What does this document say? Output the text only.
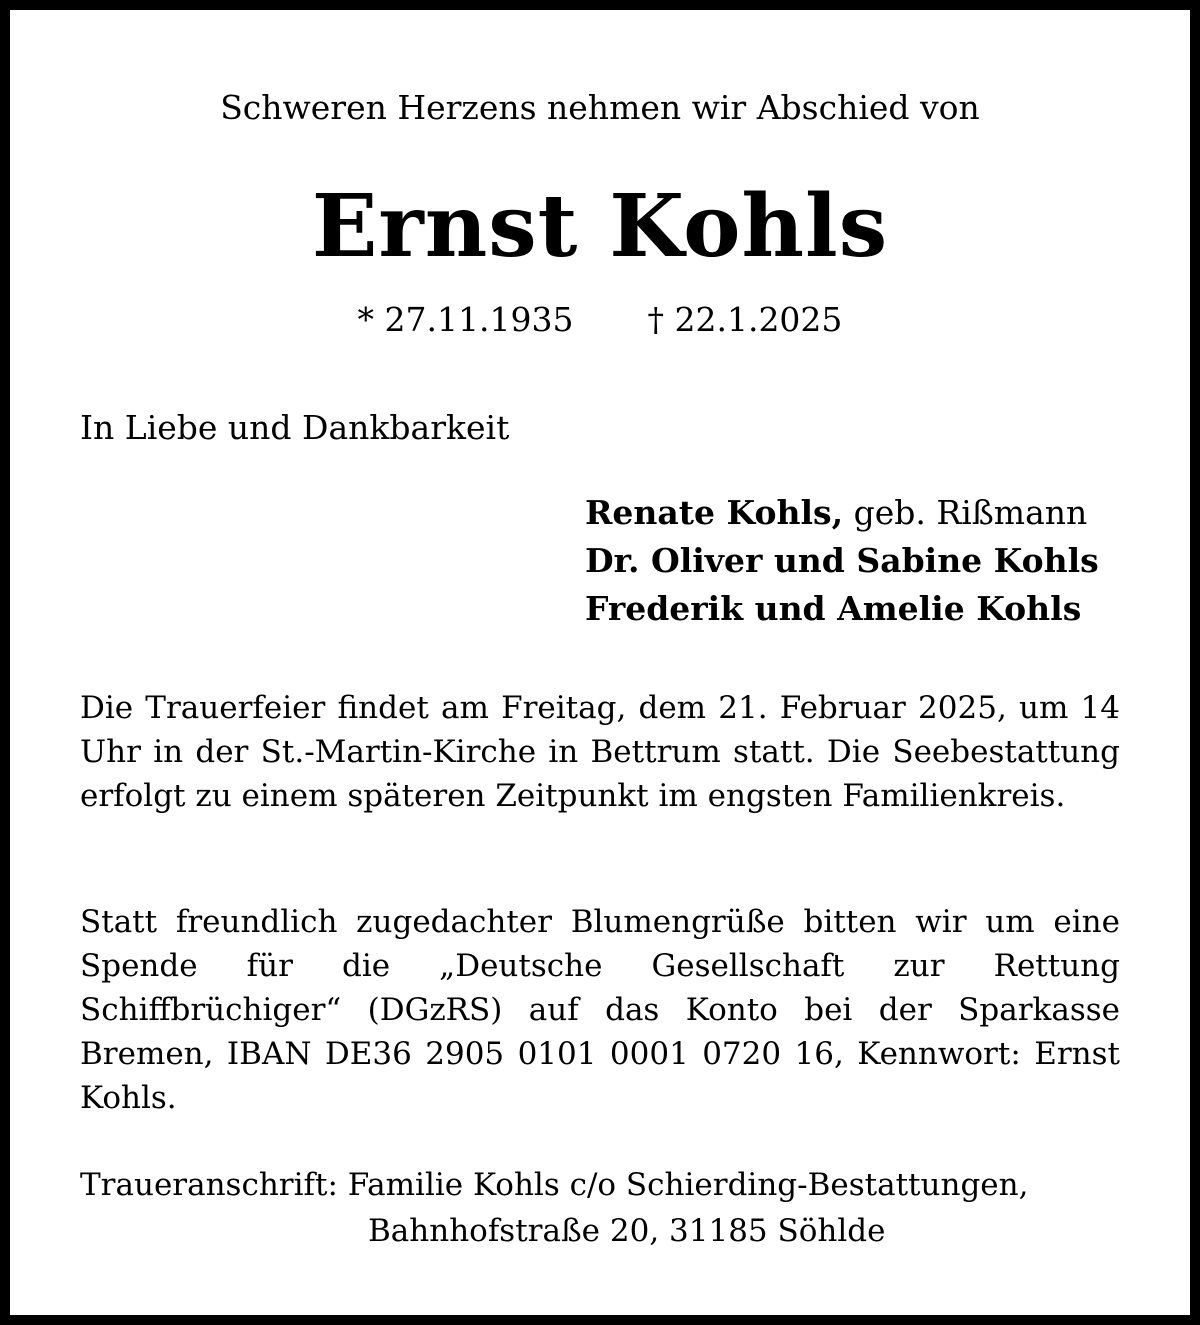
Schweren Herzens nehmen wir Abschied von
Ernst Kohls
* 27.11.1935 † 22.1.2025
In Liebe und Dankbarkeit
Renate Kohls, geb. Rißmann
Dr. Oliver und Sabine Kohls
Frederik und Amelie Kohls

Die Trauerfeier findet am Freitag, dem 21. Februar 2025, um 14 Uhr in der St.-Martin-Kirche in Bettrum statt. Die Seebestattung erfolgt zu einem späteren Zeitpunkt im engsten Familienkreis.

Statt freundlich zugedachter Blumengrüße bitten wir um eine Spende für die „Deutsche Gesellschaft zur Rettung Schiffbrüchiger“ (DGzRS) auf das Konto bei der Sparkasse Bremen, IBAN DE36 2905 0101 0001 0720 16, Kennwort: Ernst Kohls.

Traueranschrift: Familie Kohls c/o Schierding-Bestattungen,
Bahnhofstraße 20, 31185 Söhlde
